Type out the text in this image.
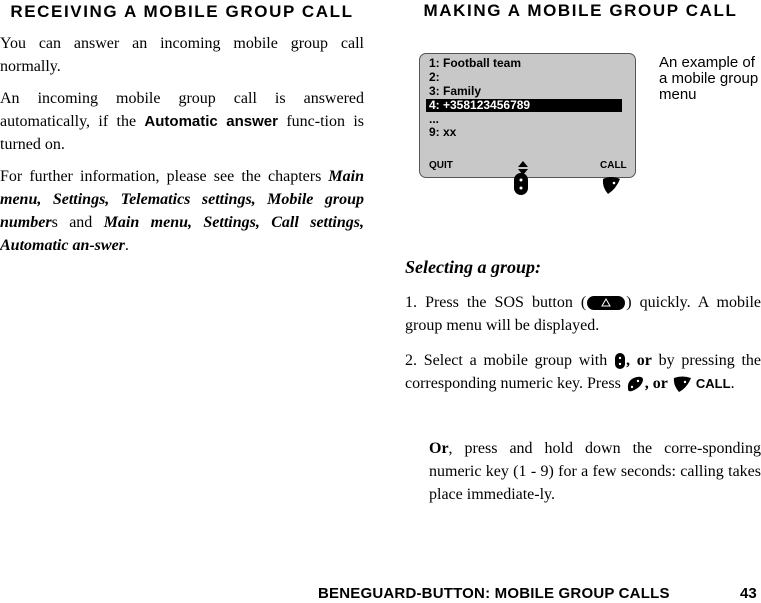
RECEIVING A MOBILE GROUP CALL

You can answer an incoming mobile group call normally.

An incoming mobile group call is answered automatically, if the Automatic answer func-tion is turned on.

For further information, please see the chapters Main menu, Settings, Telematics settings, Mobile group numbers and Main menu, Settings, Call settings, Automatic an-swer.

MAKING A MOBILE GROUP CALL
1: Football team
2:
3: Family
4: +358123456789
...
9: xx
QUIT	CALL
An example of a mobile group menu
Selecting a group:
1. Press the SOS button (	) quickly. A mobile group menu will be displayed.
2. Select a mobile group with , or by pressing the corresponding numeric key. Press , or CALL.
Or, press and hold down the corre-sponding numeric key (1 - 9) for a few seconds: calling takes place immediate-ly.
BENEGUARD-BUTTON: MOBILE GROUP CALLS	43
